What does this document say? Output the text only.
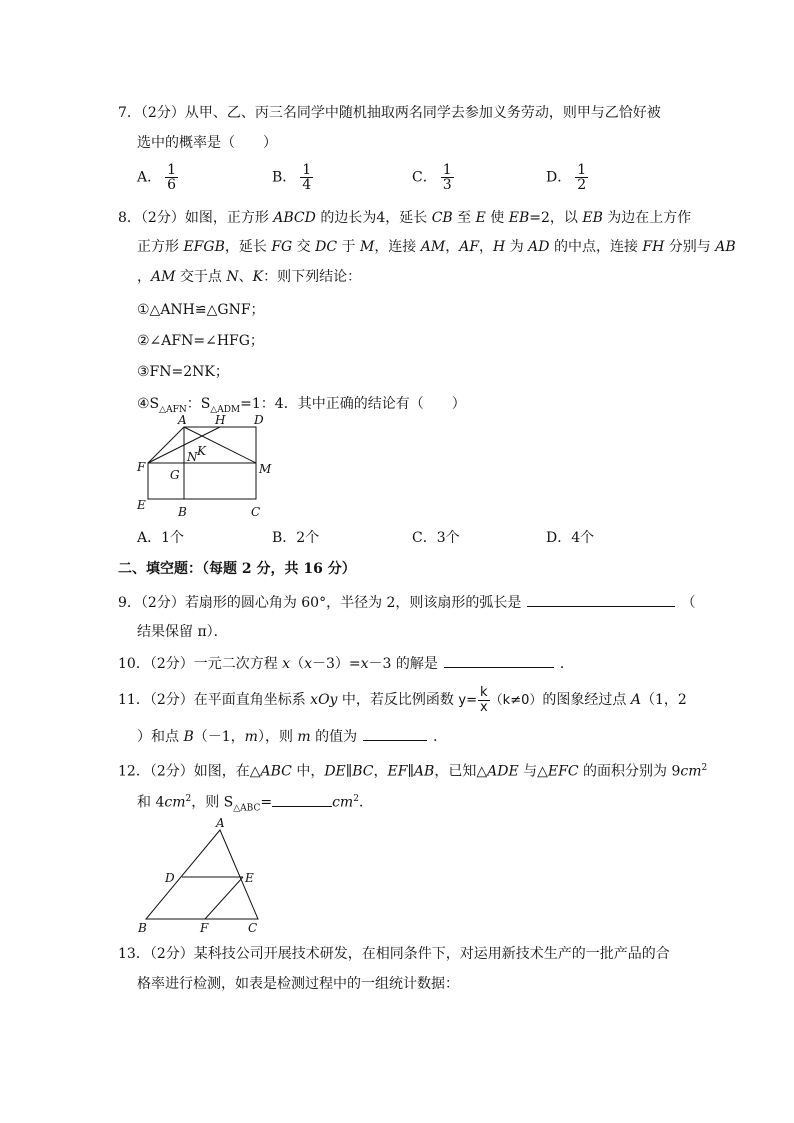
7．（2分）从甲、乙、丙三名同学中随机抽取两名同学去参加义务劳动，则甲与乙恰好被
选中的概率是（　　）
A． $\frac{1}{6}$	B． $\frac{1}{4}$	C． $\frac{1}{3}$	D． $\frac{1}{2}$
8．（2分）如图，正方形 ABCD 的边长为4，延长 CB 至 E 使 EB=2，以 EB 为边在上方作
正方形 EFGB，延长 FG 交 DC 于 M，连接 AM，AF，H 为 AD 的中点，连接 FH 分别与 AB
，AM 交于点 N、K：则下列结论：
①△ANH≌△GNF；
②∠AFN=∠HFG；
③FN=2NK；
$④S_{\triangle AFN}$：$S_{\triangle ADM}=1$：4．其中正确的结论有（　　）
A H D
K
N
F
G	M
E	B	C
A．1个	B．2个	C．3个	D．4个
二、填空题：（每题 2 分，共 16 分）
9．（2分）若扇形的圆心角为 60°，半径为 2，则该扇形的弧长是	（
结果保留 π）．
10．（2分）一元二次方程 x（x－3）=x－3 的解是	．
11．（2分）在平面直角坐标系 xOy 中，若反比例函数 $y= \frac{k}{x} (k\ne 0)$的图象经过点 A（1，2
）和点 B（－1，m），则 m 的值为	．
12．（2分）如图，在△ABC 中，DE∥BC，EF∥AB，已知△ADE 与△EFC 的面积分别为 $9cm^2$
和 $4cm^2$，则 $S_{\triangle ABC}=$	$cm^2$．
A
D	E
B	F	C
13．（2分）某科技公司开展技术研发，在相同条件下，对运用新技术生产的一批产品的合
格率进行检测，如表是检测过程中的一组统计数据：
